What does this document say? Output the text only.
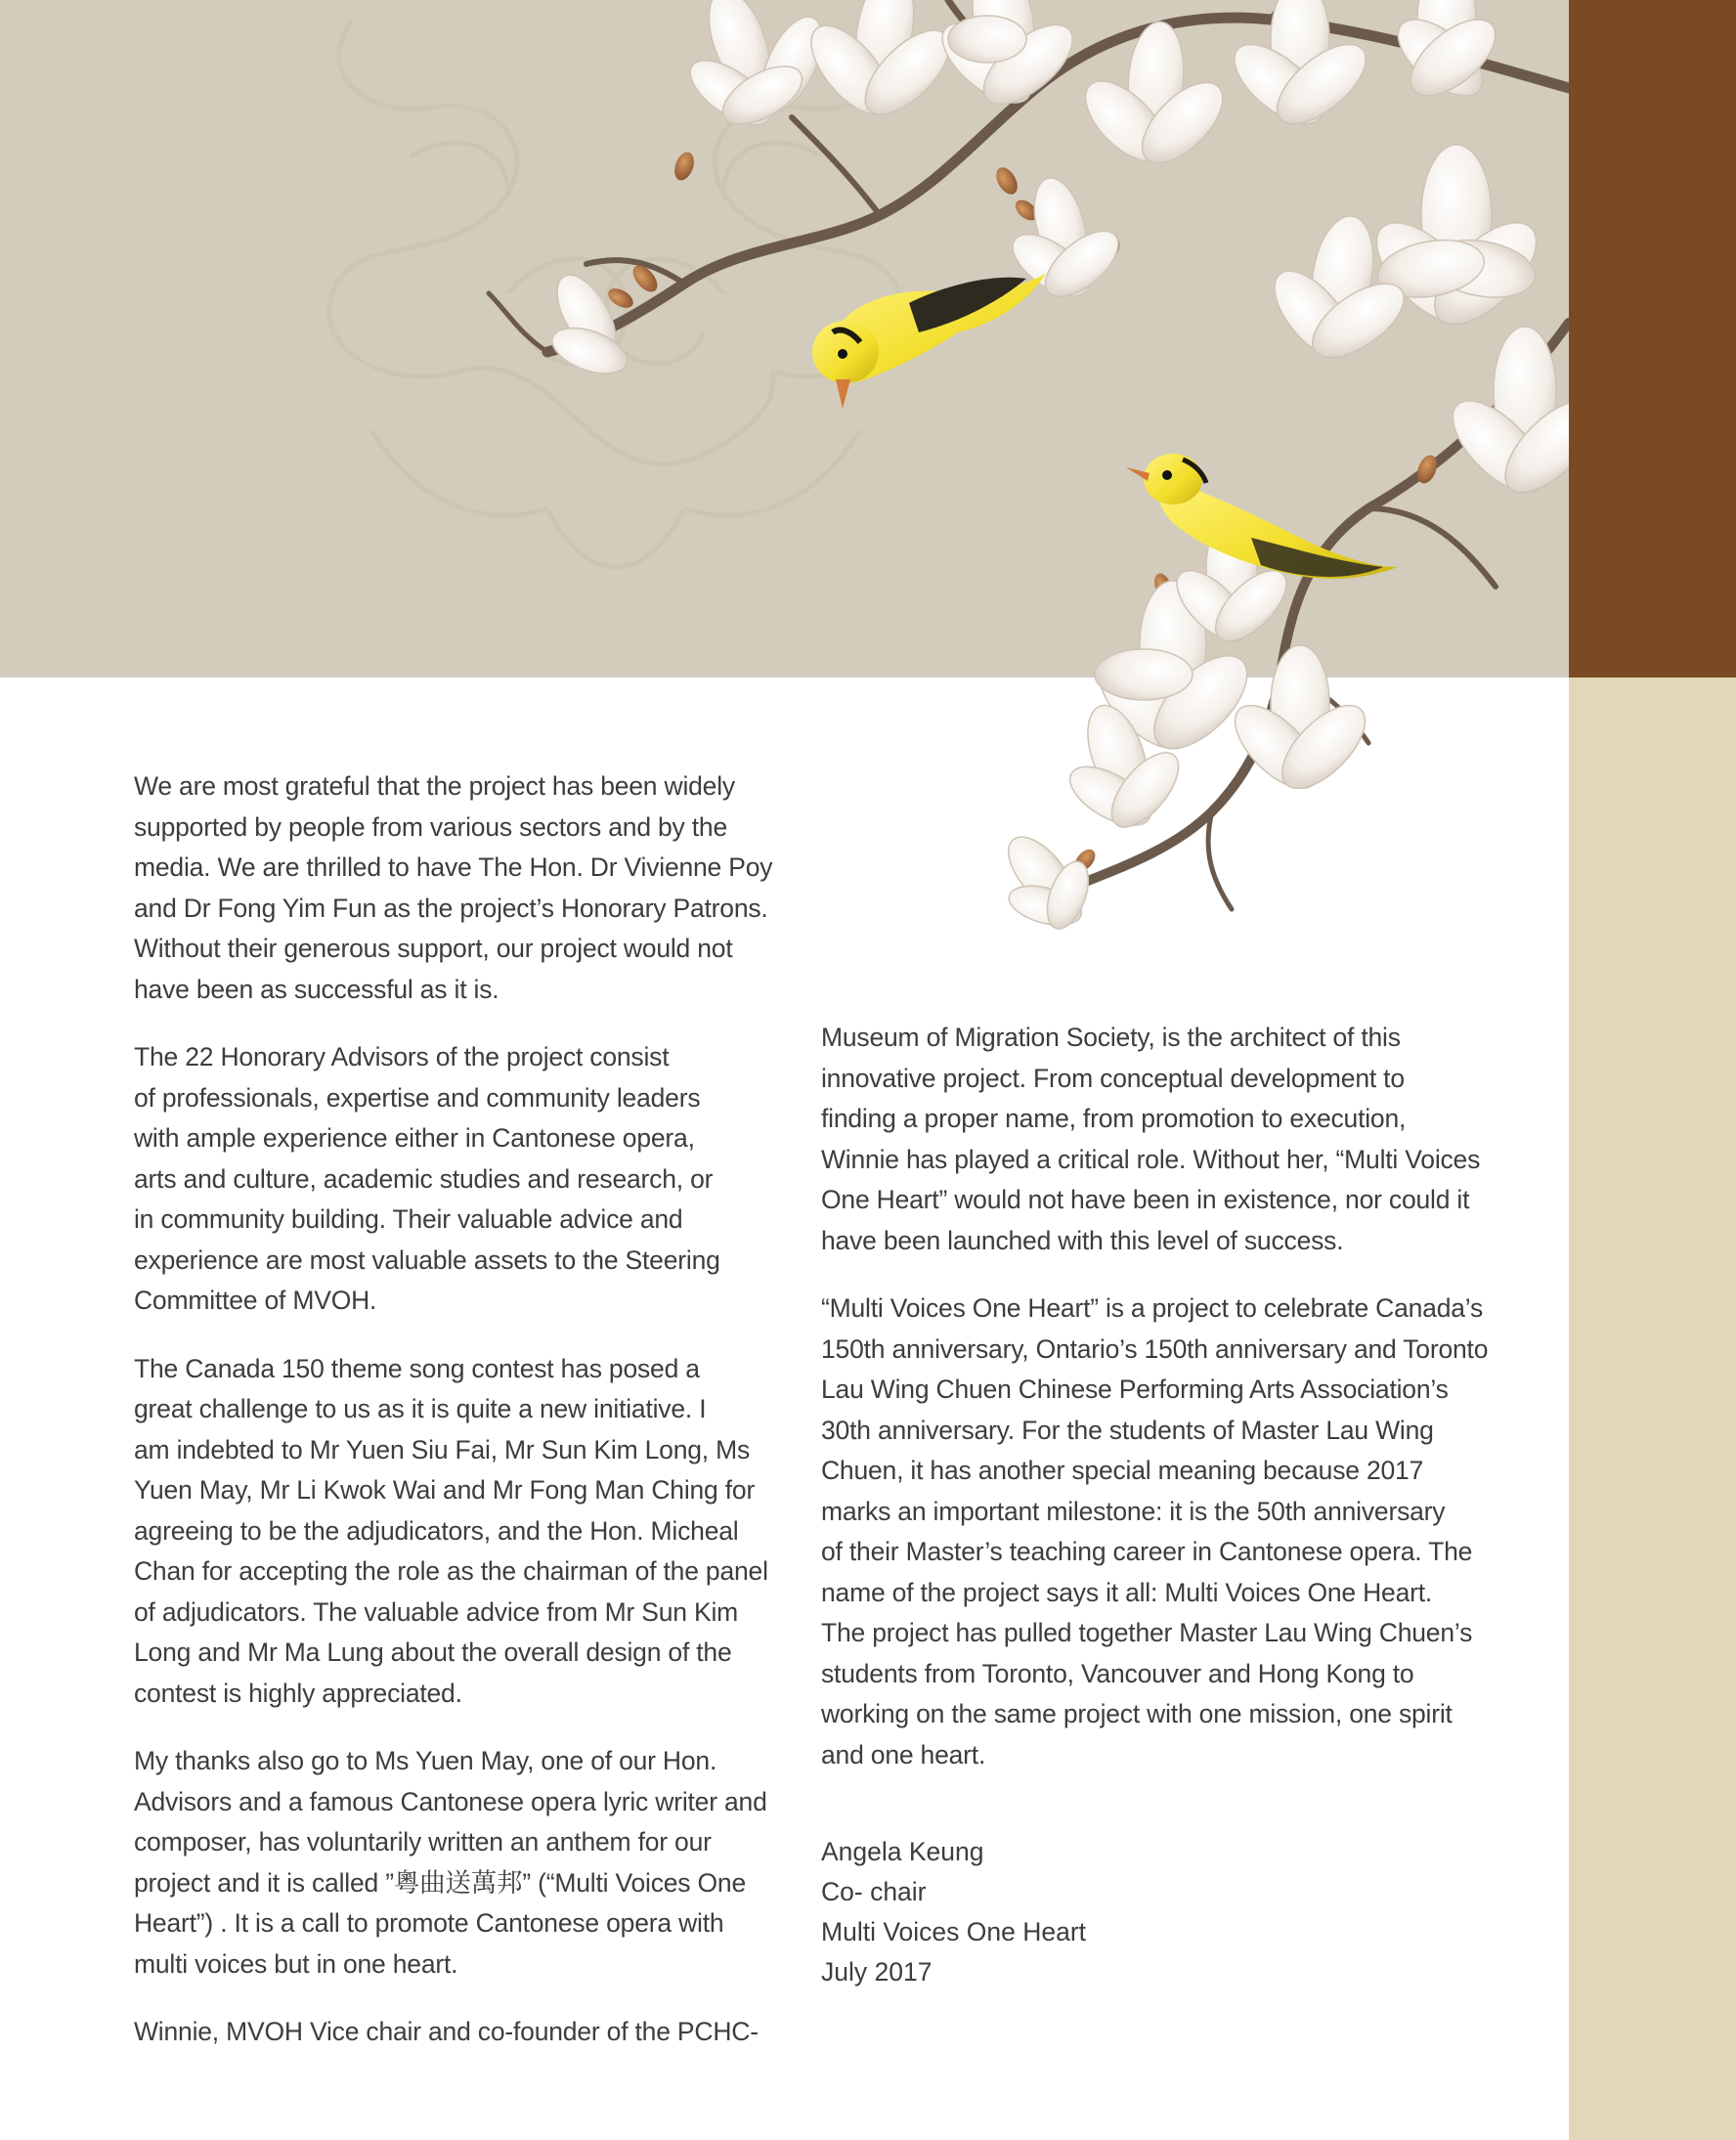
We are most grateful that the project has been widely
supported by people from various sectors and by the
media. We are thrilled to have The Hon. Dr Vivienne Poy
and Dr Fong Yim Fun as the project’s Honorary Patrons.
Without their generous support, our project would not
have been as successful as it is.

The 22 Honorary Advisors of the project consist
of professionals, expertise and community leaders
with ample experience either in Cantonese opera,
arts and culture, academic studies and research, or
in community building. Their valuable advice and
experience are most valuable assets to the Steering
Committee of MVOH.

The Canada 150 theme song contest has posed a
great challenge to us as it is quite a new initiative. I
am indebted to Mr Yuen Siu Fai, Mr Sun Kim Long, Ms
Yuen May, Mr Li Kwok Wai and Mr Fong Man Ching for
agreeing to be the adjudicators, and the Hon. Micheal
Chan for accepting the role as the chairman of the panel
of adjudicators. The valuable advice from Mr Sun Kim
Long and Mr Ma Lung about the overall design of the
contest is highly appreciated.

My thanks also go to Ms Yuen May, one of our Hon.
Advisors and a famous Cantonese opera lyric writer and
composer, has voluntarily written an anthem for our
project and it is called ”粵曲送萬邦” (“Multi Voices One
Heart”) . It is a call to promote Cantonese opera with
multi voices but in one heart.

Winnie, MVOH Vice chair and co-founder of the PCHC-

Museum of Migration Society, is the architect of this
innovative project. From conceptual development to
finding a proper name, from promotion to execution,
Winnie has played a critical role. Without her, “Multi Voices
One Heart” would not have been in existence, nor could it
have been launched with this level of success.

“Multi Voices One Heart” is a project to celebrate Canada’s
150th anniversary, Ontario’s 150th anniversary and Toronto
Lau Wing Chuen Chinese Performing Arts Association’s
30th anniversary. For the students of Master Lau Wing
Chuen, it has another special meaning because 2017
marks an important milestone: it is the 50th anniversary
of their Master’s teaching career in Cantonese opera. The
name of the project says it all: Multi Voices One Heart.
The project has pulled together Master Lau Wing Chuen’s
students from Toronto, Vancouver and Hong Kong to
working on the same project with one mission, one spirit
and one heart.

Angela Keung
Co- chair
Multi Voices One Heart
July 2017
